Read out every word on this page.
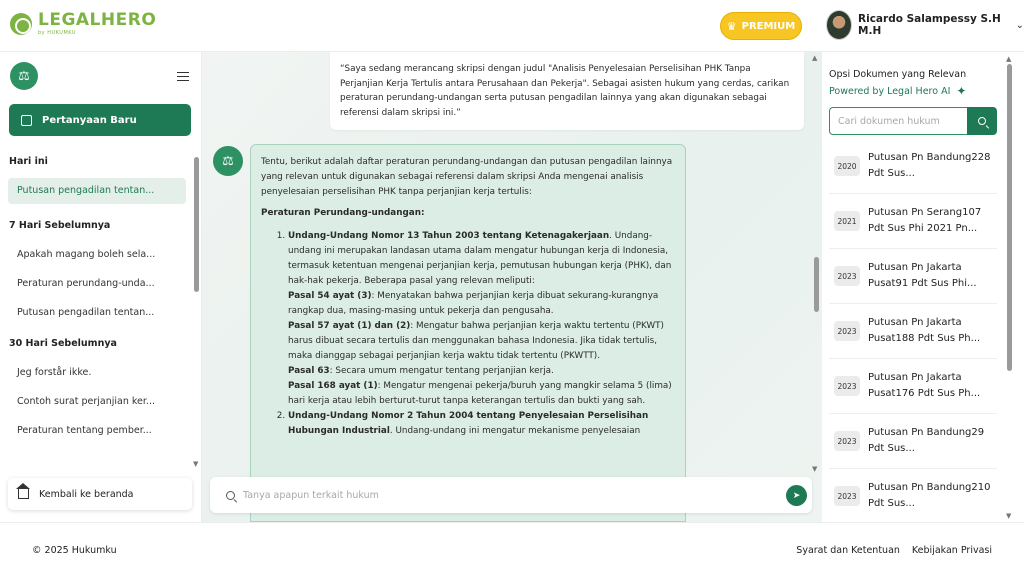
LEGALHERO
by HUKUMKU
♛ PREMIUM
Ricardo Salampessy S.H M.H	⌄
⚖
Pertanyaan Baru
Hari ini
Putusan pengadilan tentan...
7 Hari Sebelumnya
Apakah magang boleh sela...
Peraturan perundang-unda...
Putusan pengadilan tentan...
30 Hari Sebelumnya
Jeg forstår ikke.
Contoh surat perjanjian ker...
Peraturan tentang pember...
▼
Kembali ke beranda
“Saya sedang merancang skripsi dengan judul "Analisis Penyelesaian Perselisihan PHK Tanpa Perjanjian Kerja Tertulis antara Perusahaan dan Pekerja". Sebagai asisten hukum yang cerdas, carikan peraturan perundang-undangan serta putusan pengadilan lainnya yang akan digunakan sebagai referensi dalam skripsi ini.”
⚖	Tentu, berikut adalah daftar peraturan perundang-undangan dan putusan pengadilan lainnya yang relevan untuk digunakan sebagai referensi dalam skripsi Anda mengenai analisis penyelesaian perselisihan PHK tanpa perjanjian kerja tertulis:

Peraturan Perundang-undangan:

1. Undang-Undang Nomor 13 Tahun 2003 tentang Ketenagakerjaan. Undang-undang ini merupakan landasan utama dalam mengatur hubungan kerja di Indonesia, termasuk ketentuan mengenai perjanjian kerja, pemutusan hubungan kerja (PHK), dan hak-hak pekerja. Beberapa pasal yang relevan meliputi:
Pasal 54 ayat (3): Menyatakan bahwa perjanjian kerja dibuat sekurang-kurangnya rangkap dua, masing-masing untuk pekerja dan pengusaha.
Pasal 57 ayat (1) dan (2): Mengatur bahwa perjanjian kerja waktu tertentu (PKWT) harus dibuat secara tertulis dan menggunakan bahasa Indonesia. Jika tidak tertulis, maka dianggap sebagai perjanjian kerja waktu tidak tertentu (PKWTT).
Pasal 63: Secara umum mengatur tentang perjanjian kerja.
Pasal 168 ayat (1): Mengatur mengenai pekerja/buruh yang mangkir selama 5 (lima) hari kerja atau lebih berturut-turut tanpa keterangan tertulis dan bukti yang sah.
2. Undang-Undang Nomor 2 Tahun 2004 tentang Penyelesaian Perselisihan Hubungan Industrial. Undang-undang ini mengatur mekanisme penyelesaian
▲
▼
Tanya apapun terkait hukum
➤
Opsi Dokumen yang Relevan
Powered by Legal Hero AI ✦
Cari dokumen hukum
2020
Putusan Pn Bandung228 Pdt Sus...
2021
Putusan Pn Serang107 Pdt Sus Phi 2021 Pn...
2023
Putusan Pn Jakarta Pusat91 Pdt Sus Phi...
2023
Putusan Pn Jakarta Pusat188 Pdt Sus Ph...
2023
Putusan Pn Jakarta Pusat176 Pdt Sus Ph...
2023
Putusan Pn Bandung29 Pdt Sus...
2023
Putusan Pn Bandung210 Pdt Sus...
▲
▼
© 2025 Hukumku	Syarat dan Ketentuan Kebijakan Privasi
